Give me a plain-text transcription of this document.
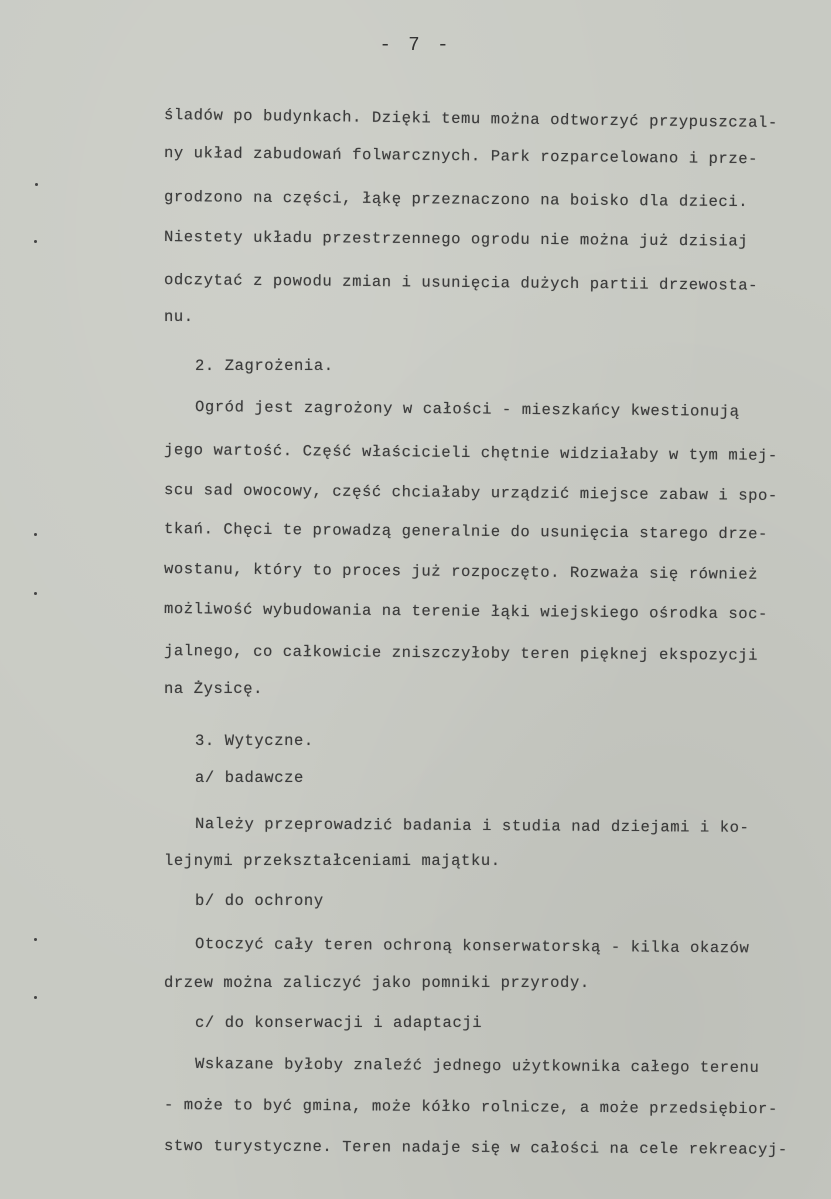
- 7 -
śladów po budynkach. Dzięki temu można odtworzyć przypuszczal-
ny układ zabudowań folwarcznych. Park rozparcelowano i prze-
grodzono na części, łąkę przeznaczono na boisko dla dzieci.
Niestety układu przestrzennego ogrodu nie można już dzisiaj
odczytać z powodu zmian i usunięcia dużych partii drzewosta-
nu.
2. Zagrożenia.
Ogród jest zagrożony w całości - mieszkańcy kwestionują
jego wartość. Część właścicieli chętnie widziałaby w tym miej-
scu sad owocowy, część chciałaby urządzić miejsce zabaw i spo-
tkań. Chęci te prowadzą generalnie do usunięcia starego drze-
wostanu, który to proces już rozpoczęto. Rozważa się również
możliwość wybudowania na terenie łąki wiejskiego ośrodka soc-
jalnego, co całkowicie zniszczyłoby teren pięknej ekspozycji
na Żysicę.
3. Wytyczne.
a/ badawcze
Należy przeprowadzić badania i studia nad dziejami i ko-
lejnymi przekształceniami majątku.
b/ do ochrony
Otoczyć cały teren ochroną konserwatorską - kilka okazów
drzew można zaliczyć jako pomniki przyrody.
c/ do konserwacji i adaptacji
Wskazane byłoby znaleźć jednego użytkownika całego terenu
- może to być gmina, może kółko rolnicze, a może przedsiębior-
stwo turystyczne. Teren nadaje się w całości na cele rekreacyj-
